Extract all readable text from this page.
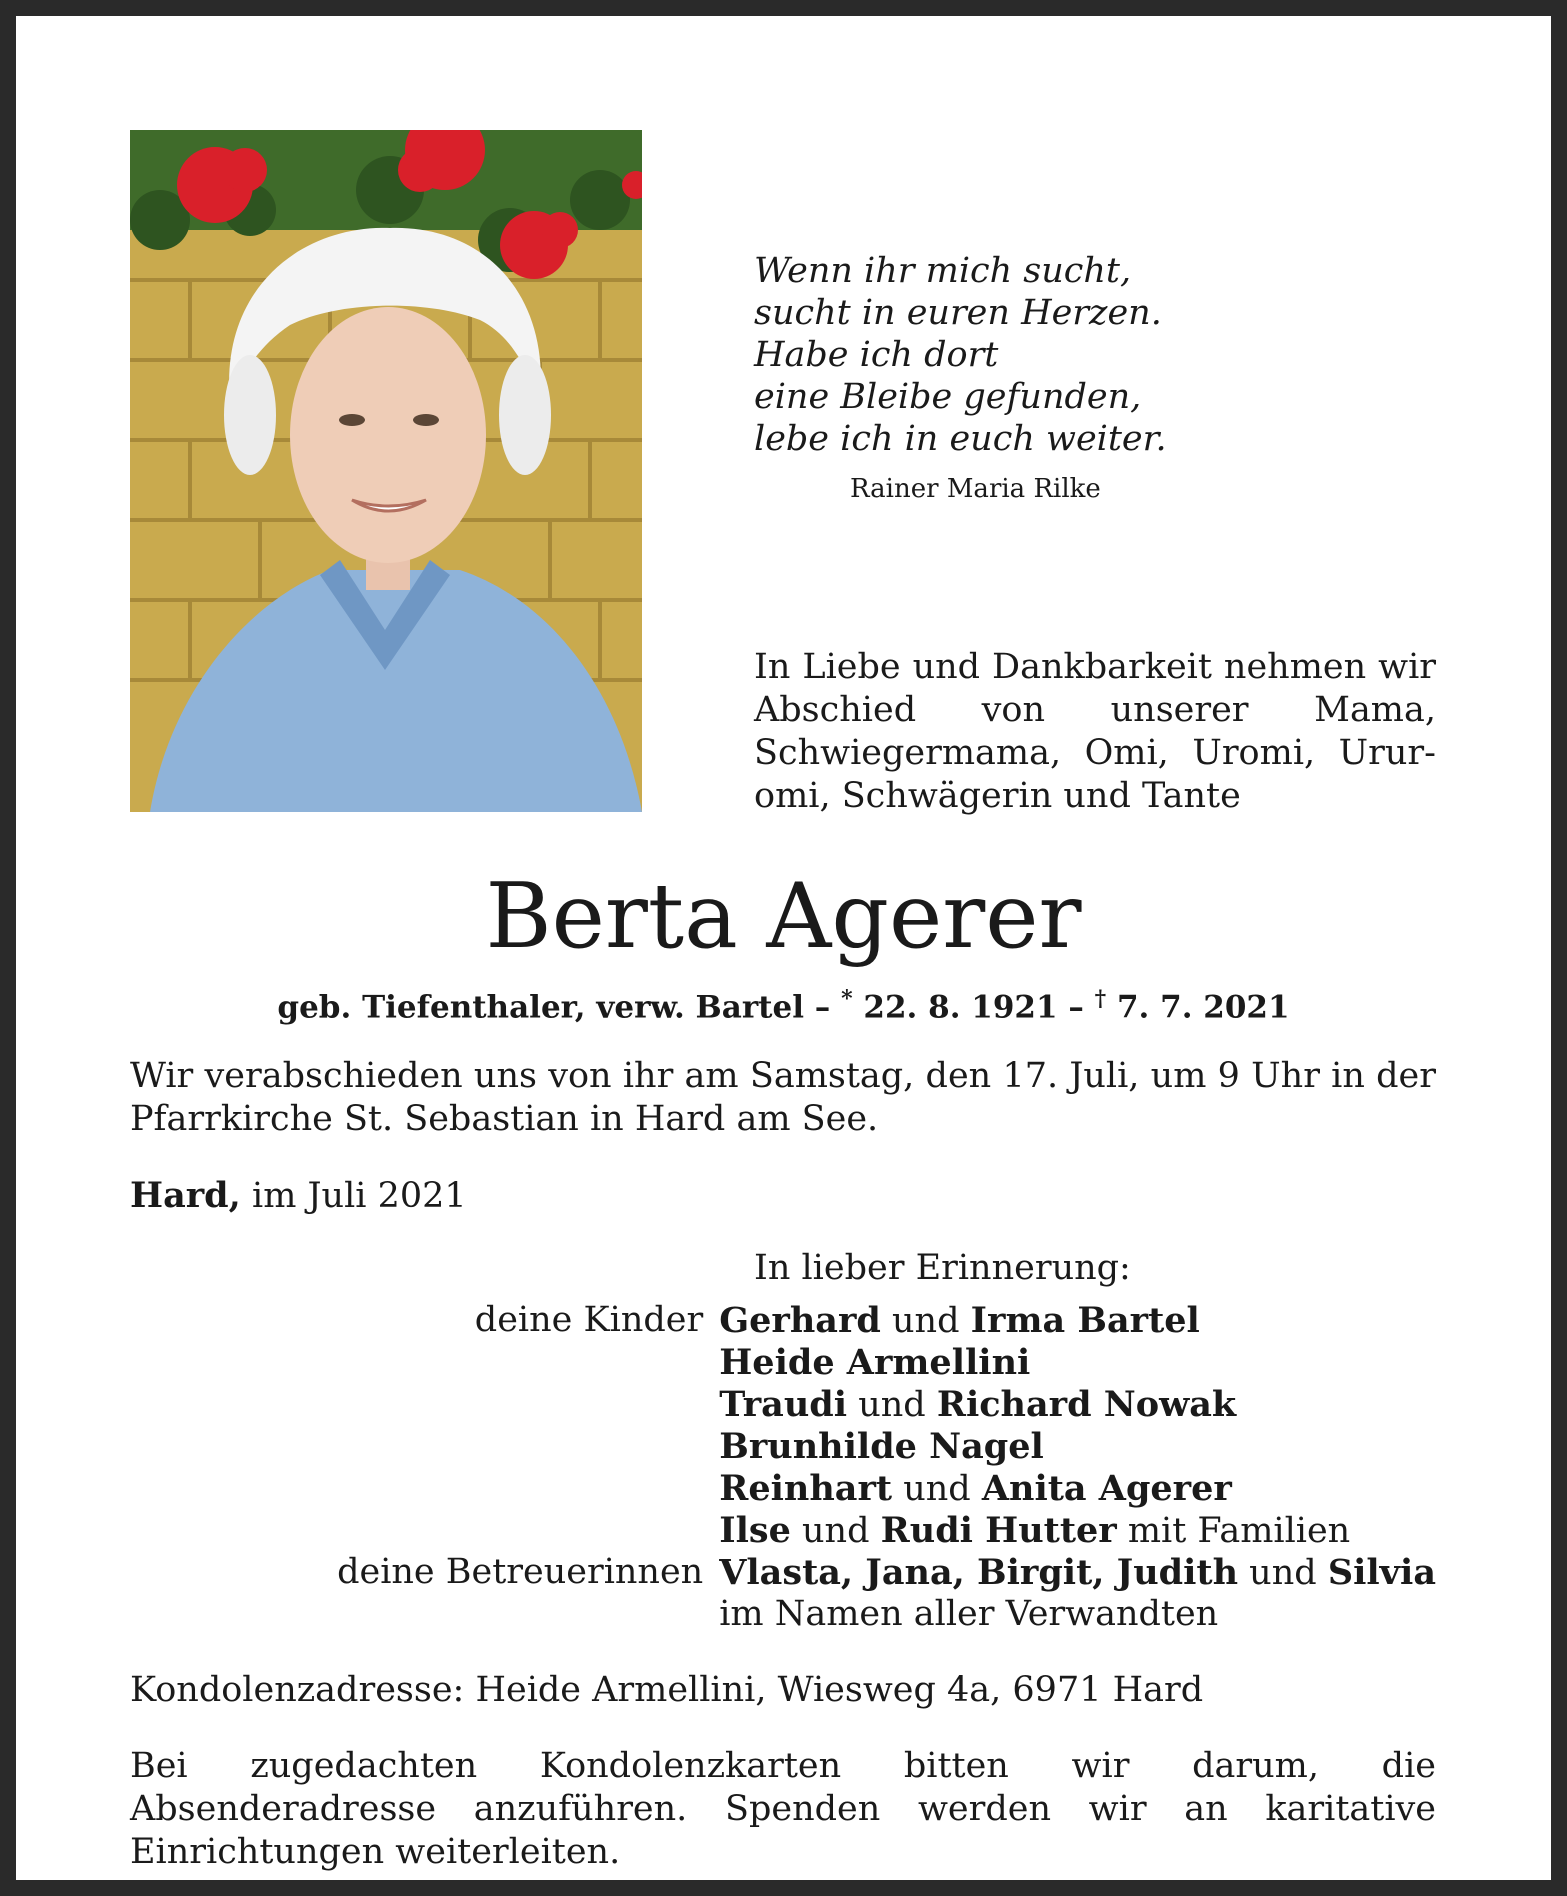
Wenn ihr mich sucht,
sucht in euren Herzen.
Habe ich dort
eine Bleibe gefunden,
lebe ich in euch weiter.
Rainer Maria Rilke
In Liebe und Dankbarkeit nehmen wir Abschied von unserer Mama, Schwiegermama, Omi, Uromi, Urur-omi, Schwägerin und Tante
Berta Agerer
geb. Tiefenthaler, verw. Bartel – * 22. 8. 1921 – † 7. 7. 2021
Wir verabschieden uns von ihr am Samstag, den 17. Juli, um 9 Uhr in der Pfarrkirche St. Sebastian in Hard am See.
Hard, im Juli 2021
In lieber Erinnerung:
deine Kinder	Gerhard und Irma Bartel
	Heide Armellini
	Traudi und Richard Nowak
	Brunhilde Nagel
	Reinhart und Anita Agerer
	Ilse und Rudi Hutter mit Familien
deine Betreuerinnen	Vlasta, Jana, Birgit, Judith und Silvia
	im Namen aller Verwandten
Kondolenzadresse: Heide Armellini, Wiesweg 4a, 6971 Hard
Bei zugedachten Kondolenzkarten bitten wir darum, die Absenderadresse anzuführen. Spenden werden wir an karitative Einrichtungen weiterleiten.
